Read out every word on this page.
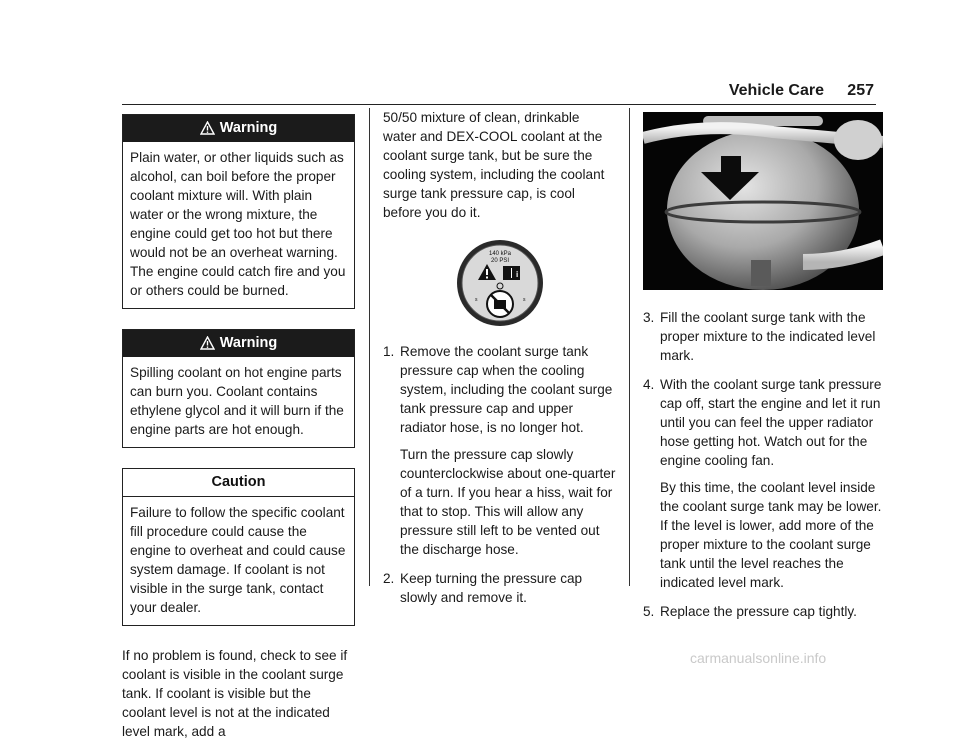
Vehicle Care 257
Warning
Plain water, or other liquids such as alcohol, can boil before the proper coolant mixture will. With plain water or the wrong mixture, the engine could get too hot but there would not be an overheat warning. The engine could catch fire and you or others could be burned.
Warning
Spilling coolant on hot engine parts can burn you. Coolant contains ethylene glycol and it will burn if the engine parts are hot enough.
Caution
Failure to follow the specific coolant fill procedure could cause the engine to overheat and could cause system damage. If coolant is not visible in the surge tank, contact your dealer.

If no problem is found, check to see if coolant is visible in the coolant surge tank. If coolant is visible but the coolant level is not at the indicated level mark, add a

50/50 mixture of clean, drinkable water and DEX-COOL coolant at the coolant surge tank, but be sure the cooling system, including the coolant surge tank pressure cap, is cool before you do it.

140 kPa
20 PSI
i
s	s
1. Remove the coolant surge tank pressure cap when the cooling system, including the coolant surge tank pressure cap and upper radiator hose, is no longer hot.
Turn the pressure cap slowly counterclockwise about one-quarter of a turn. If you hear a hiss, wait for that to stop. This will allow any pressure still left to be vented out the discharge hose.
2. Keep turning the pressure cap slowly and remove it.
3. Fill the coolant surge tank with the proper mixture to the indicated level mark.
4. With the coolant surge tank pressure cap off, start the engine and let it run until you can feel the upper radiator hose getting hot. Watch out for the engine cooling fan.
By this time, the coolant level inside the coolant surge tank may be lower. If the level is lower, add more of the proper mixture to the coolant surge tank until the level reaches the indicated level mark.
5. Replace the pressure cap tightly.
carmanualsonline.info
